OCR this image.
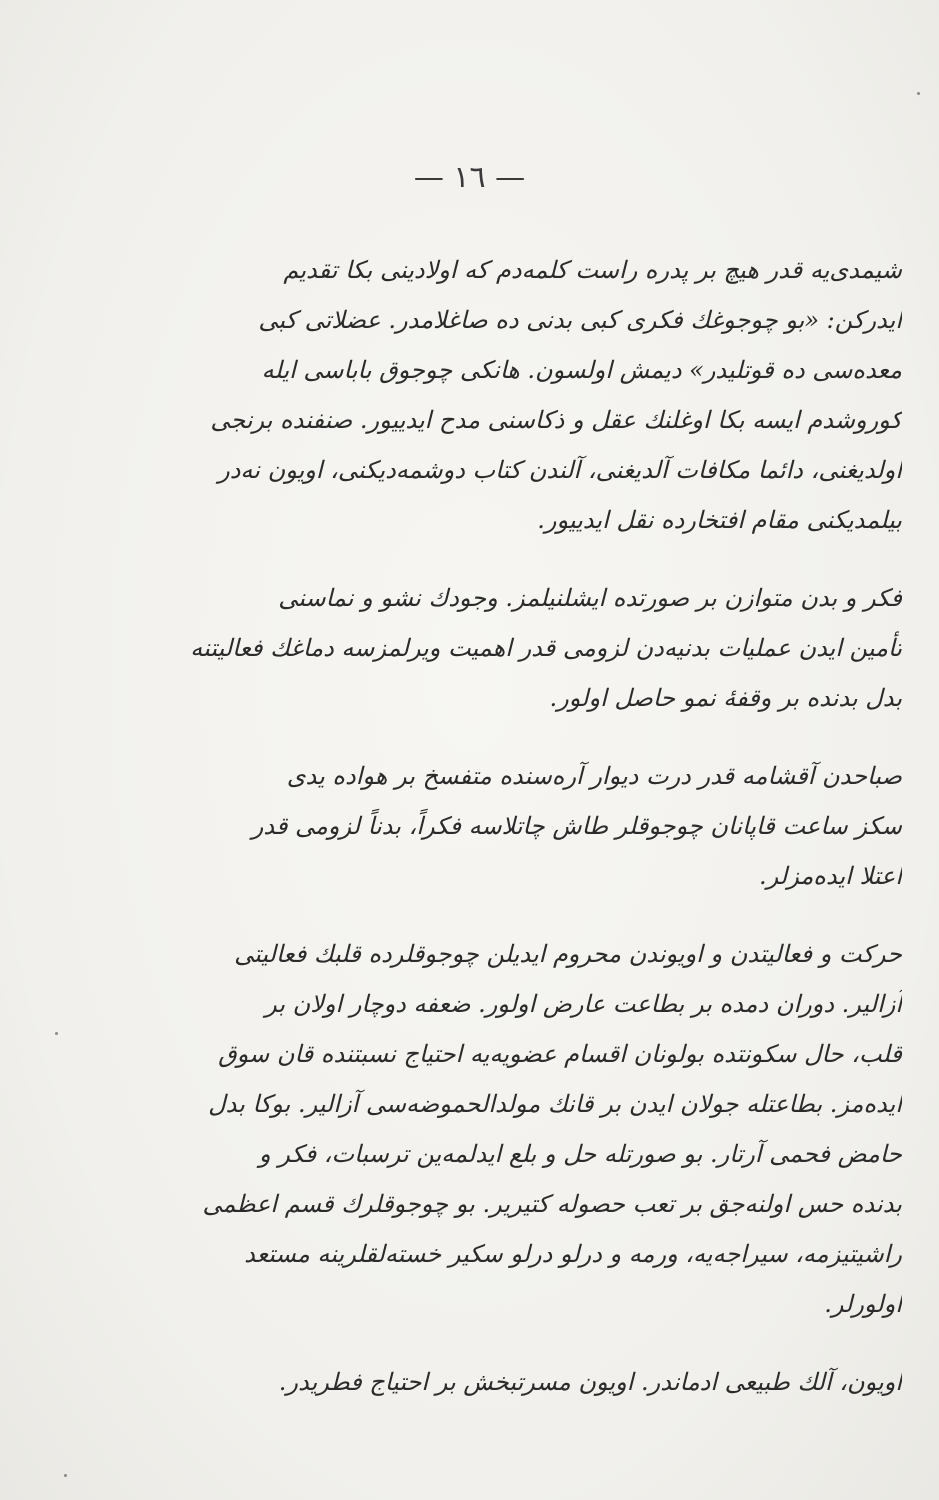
— ١٦ —
شیمدی‌یه قدر هیچ بر پدره راست کلمه‌دم که اولادینی بکا تقدیم
ایدرکن: «بو چوجوغك فکری کبی بدنی ده صاغلامدر. عضلاتی کبی
معده‌سی ده قوتلیدر» دیمش اولسون. هانکی چوجوق باباسی ایله
کوروشدم ایسه بکا اوغلنك عقل و ذکاسنی مدح ایدییور. صنفنده برنجی
اولدیغنی، دائما مکافات آلدیغنی، آلندن کتاب دوشمه‌دیکنی، اویون نه‌در
بیلمدیکنی مقام افتخارده نقل ایدییور.
فکر و بدن متوازن بر صورتده ایشلنیلمز. وجودك نشو و نماسنی
تأمین ایدن عملیات بدنیه‌دن لزومی قدر اهمیت ویرلمزسه دماغك فعالیتنه
بدل بدنده بر وقفهٔ نمو حاصل اولور.
صباحدن آقشامه قدر درت دیوار آره‌سنده متفسخ بر هواده یدی
سکز ساعت قاپانان چوجوقلر طاش چاتلاسه فکراً، بدناً لزومی قدر
اعتلا ایده‌مزلر.
حرکت و فعالیتدن و اویوندن محروم ایدیلن چوجوقلرده قلبك فعالیتی
آزالیر. دوران دمده بر بطاعت عارض اولور. ضعفه دوچار اولان بر
قلب، حال سکونتده بولونان اقسام عضویه‌یه احتیاج نسبتنده قان سوق
ایده‌مز. بطاعتله جولان ایدن بر قانك مولدالحموضه‌سی آزالیر. بوکا بدل
حامض فحمی آرتار. بو صورتله حل و بلع ایدلمه‌ین ترسبات، فکر و
بدنده حس اولنه‌جق بر تعب حصوله کتیریر. بو چوجوقلرك قسم اعظمی
راشیتیزمه، سیراجه‌یه، ورمه و درلو درلو سکیر خسته‌لقلرینه مستعد
اولورلر.
اویون، آلك طبیعی ادماندر. اویون مسرتبخش بر احتیاج فطریدر.
